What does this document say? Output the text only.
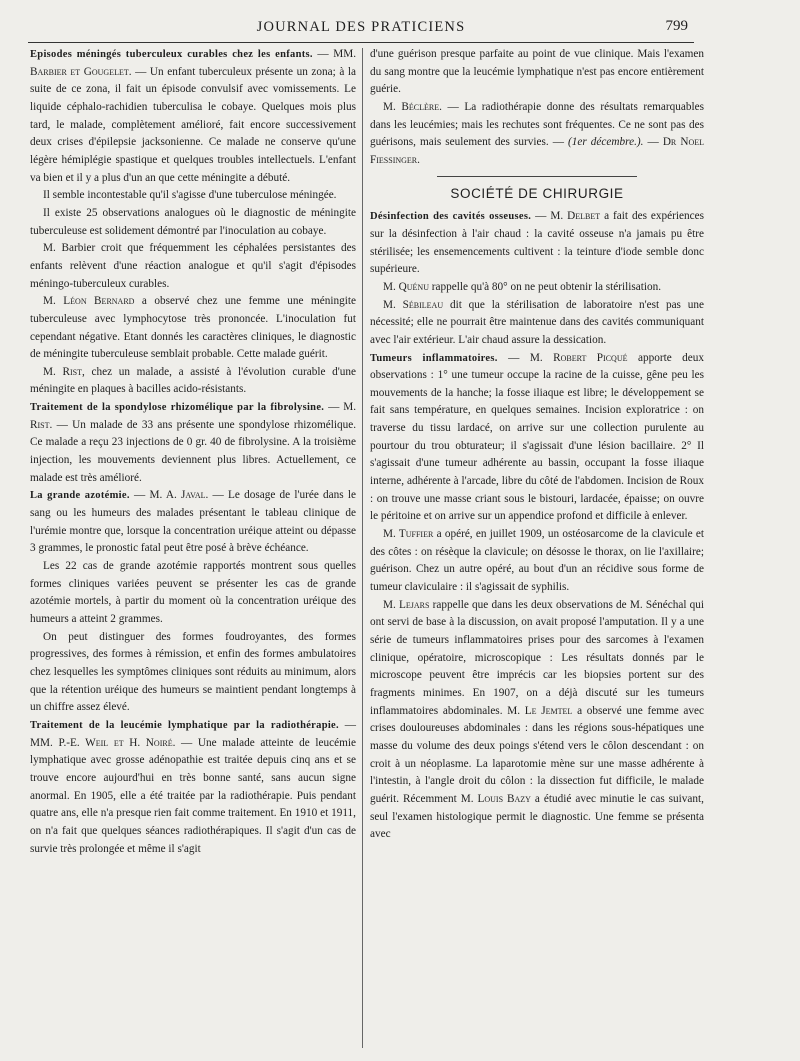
JOURNAL DES PRATICIENS	799

Episodes méningés tuberculeux curables chez les enfants. — MM. Barbier et Gougelet. — Un enfant tuberculeux présente un zona; à la suite de ce zona, il fait un épisode convulsif avec vomissements. Le liquide céphalo-rachidien tuberculisa le cobaye. Quelques mois plus tard, le malade, complètement amélioré, fait encore successivement deux crises d'épilepsie jacksonienne. Ce malade ne conserve qu'une légère hémiplégie spastique et quelques troubles intellectuels. L'enfant va bien et il y a plus d'un an que cette méningite a débuté.

Il semble incontestable qu'il s'agisse d'une tuberculose méningée.

Il existe 25 observations analogues où le diagnostic de méningite tuberculeuse est solidement démontré par l'inoculation au cobaye.

M. Barbier croit que fréquemment les céphalées persistantes des enfants relèvent d'une réaction analogue et qu'il s'agit d'épisodes méningo-tuberculeux curables.

M. Léon Bernard a observé chez une femme une méningite tuberculeuse avec lymphocytose très prononcée. L'inoculation fut cependant négative. Etant donnés les caractères cliniques, le diagnostic de méningite tuberculeuse semblait probable. Cette malade guérit.

M. Rist, chez un malade, a assisté à l'évolution curable d'une méningite en plaques à bacilles acido-résistants.

Traitement de la spondylose rhizomélique par la fibrolysine. — M. Rist. — Un malade de 33 ans présente une spondylose rhizomélique. Ce malade a reçu 23 injections de 0 gr. 40 de fibrolysine. A la troisième injection, les mouvements deviennent plus libres. Actuellement, ce malade est très amélioré.

La grande azotémie. — M. A. Javal. — Le dosage de l'urée dans le sang ou les humeurs des malades présentant le tableau clinique de l'urémie montre que, lorsque la concentration uréique atteint ou dépasse 3 grammes, le pronostic fatal peut être posé à brève échéance.

Les 22 cas de grande azotémie rapportés montrent sous quelles formes cliniques variées peuvent se présenter les cas de grande azotémie mortels, à partir du moment où la concentration uréique des humeurs a atteint 2 grammes.

On peut distinguer des formes foudroyantes, des formes progressives, des formes à rémission, et enfin des formes ambulatoires chez lesquelles les symptômes cliniques sont réduits au minimum, alors que la rétention uréique des humeurs se maintient pendant longtemps à un chiffre assez élevé.

Traitement de la leucémie lymphatique par la radiothérapie. — MM. P.-E. Weil et H. Noiré. — Une malade atteinte de leucémie lymphatique avec grosse adénopathie est traitée depuis cinq ans et se trouve encore aujourd'hui en très bonne santé, sans aucun signe anormal. En 1905, elle a été traitée par la radiothérapie. Puis pendant quatre ans, elle n'a presque rien fait comme traitement. En 1910 et 1911, on n'a fait que quelques séances radiothérapiques. Il s'agit d'un cas de survie très prolongée et même il s'agit

d'une guérison presque parfaite au point de vue clinique. Mais l'examen du sang montre que la leucémie lymphatique n'est pas encore entièrement guérie.

M. Béclère. — La radiothérapie donne des résultats remarquables dans les leucémies; mais les rechutes sont fréquentes. Ce ne sont pas des guérisons, mais seulement des survies. — (1er décembre.). — Dr Noel Fiessinger.

SOCIÉTÉ DE CHIRURGIE

Désinfection des cavités osseuses. — M. Delbet a fait des expériences sur la désinfection à l'air chaud : la cavité osseuse n'a jamais pu être stérilisée; les ensemencements cultivent : la teinture d'iode semble donc supérieure.

M. Quénu rappelle qu'à 80° on ne peut obtenir la stérilisation.

M. Sébileau dit que la stérilisation de laboratoire n'est pas une nécessité; elle ne pourrait être maintenue dans des cavités communiquant avec l'air extérieur. L'air chaud assure la dessication.

Tumeurs inflammatoires. — M. Robert Picqué apporte deux observations : 1° une tumeur occupe la racine de la cuisse, gêne peu les mouvements de la hanche; la fosse iliaque est libre; le développement se fait sans température, en quelques semaines. Incision exploratrice : on traverse du tissu lardacé, on arrive sur une collection purulente au pourtour du trou obturateur; il s'agissait d'une lésion bacillaire. 2° Il s'agissait d'une tumeur adhérente au bassin, occupant la fosse iliaque interne, adhérente à l'arcade, libre du côté de l'abdomen. Incision de Roux : on trouve une masse criant sous le bistouri, lardacée, épaisse; on ouvre le péritoine et on arrive sur un appendice profond et difficile à enlever.

M. Tuffier a opéré, en juillet 1909, un ostéosarcome de la clavicule et des côtes : on résèque la clavicule; on désosse le thorax, on lie l'axillaire; guérison. Chez un autre opéré, au bout d'un an récidive sous forme de tumeur claviculaire : il s'agissait de syphilis.

M. Lejars rappelle que dans les deux observations de M. Sénéchal qui ont servi de base à la discussion, on avait proposé l'amputation. Il y a une série de tumeurs inflammatoires prises pour des sarcomes à l'examen clinique, opératoire, microscopique : Les résultats donnés par le microscope peuvent être imprécis car les biopsies portent sur des fragments minimes. En 1907, on a déjà discuté sur les tumeurs inflammatoires abdominales. M. Le Jemtel a observé une femme avec crises douloureuses abdominales : dans les régions sous-hépatiques une masse du volume des deux poings s'étend vers le côlon descendant : on croit à un néoplasme. La laparotomie mène sur une masse adhérente à l'intestin, à l'angle droit du côlon : la dissection fut difficile, le malade guérit. Récemment M. Louis Bazy a étudié avec minutie le cas suivant, seul l'examen histologique permit le diagnostic. Une femme se présenta avec
